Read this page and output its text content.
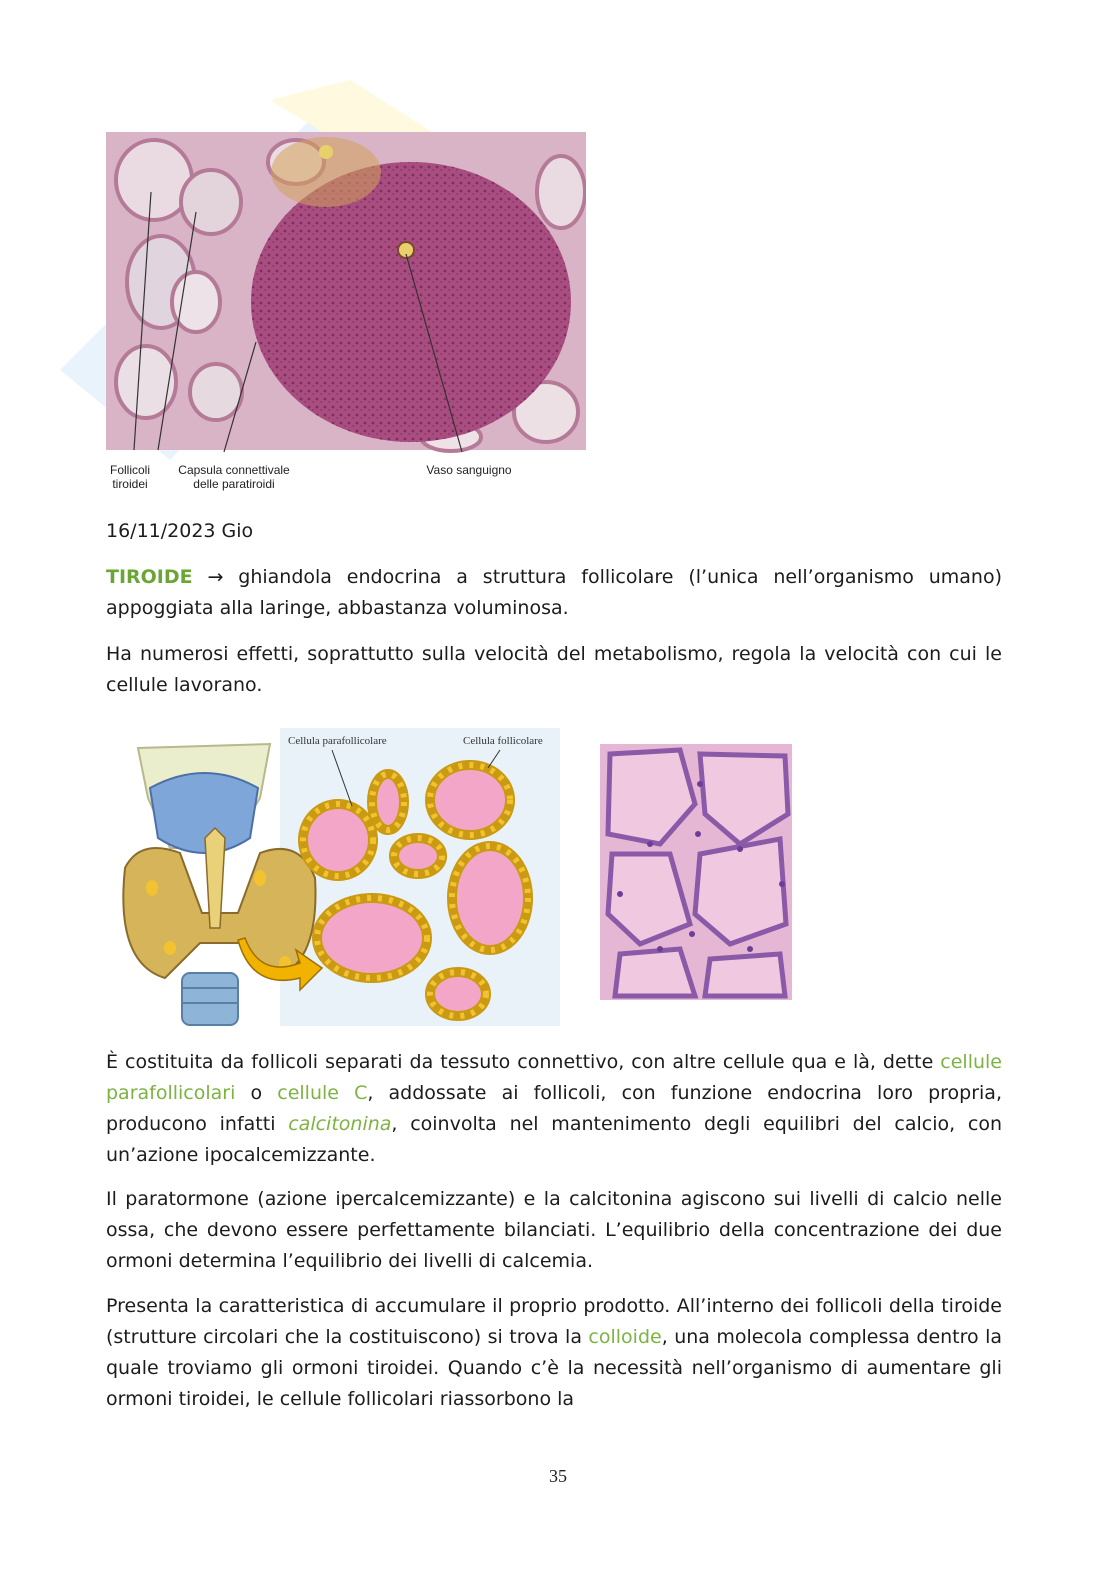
Follicoli
tiroidei
Capsula connettivale
delle paratiroidi
Vaso sanguigno
16/11/2023 Gio
TIROIDE → ghiandola endocrina a struttura follicolare (l’unica nell’organismo umano) appoggiata alla laringe, abbastanza voluminosa.
Ha numerosi effetti, soprattutto sulla velocità del metabolismo, regola la velocità con cui le cellule lavorano.
Cellula parafollicolare	Cellula follicolare
È costituita da follicoli separati da tessuto connettivo, con altre cellule qua e là, dette cellule parafollicolari o cellule C, addossate ai follicoli, con funzione endocrina loro propria, producono infatti calcitonina, coinvolta nel mantenimento degli equilibri del calcio, con un’azione ipocalcemizzante.
Il paratormone (azione ipercalcemizzante) e la calcitonina agiscono sui livelli di calcio nelle ossa, che devono essere perfettamente bilanciati. L’equilibrio della concentrazione dei due ormoni determina l’equilibrio dei livelli di calcemia.
Presenta la caratteristica di accumulare il proprio prodotto. All’interno dei follicoli della tiroide (strutture circolari che la costituiscono) si trova la colloide, una molecola complessa dentro la quale troviamo gli ormoni tiroidei. Quando c’è la necessità nell’organismo di aumentare gli ormoni tiroidei, le cellule follicolari riassorbono la
35
